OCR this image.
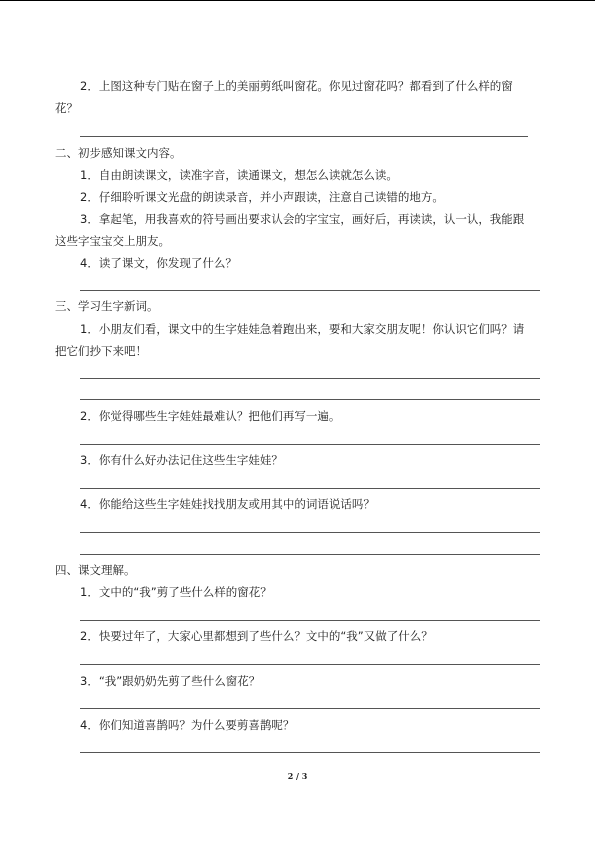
2．上图这种专门贴在窗子上的美丽剪纸叫窗花。你见过窗花吗？都看到了什么样的窗
花？
二、初步感知课文内容。
1．自由朗读课文，读准字音，读通课文，想怎么读就怎么读。
2．仔细聆听课文光盘的朗读录音，并小声跟读，注意自己读错的地方。
3．拿起笔，用我喜欢的符号画出要求认会的字宝宝，画好后，再读读，认一认，我能跟
这些字宝宝交上朋友。
4．读了课文，你发现了什么？
三、学习生字新词。
1．小朋友们看，课文中的生字娃娃急着跑出来，要和大家交朋友呢！你认识它们吗？请
把它们抄下来吧！
2．你觉得哪些生字娃娃最难认？把他们再写一遍。
3．你有什么好办法记住这些生字娃娃？
4．你能给这些生字娃娃找找朋友或用其中的词语说话吗？
四、课文理解。
1．文中的“我”剪了些什么样的窗花？
2．快要过年了，大家心里都想到了些什么？文中的“我”又做了什么？
3．“我”跟奶奶先剪了些什么窗花？
4．你们知道喜鹊吗？为什么要剪喜鹊呢？
2 / 3
